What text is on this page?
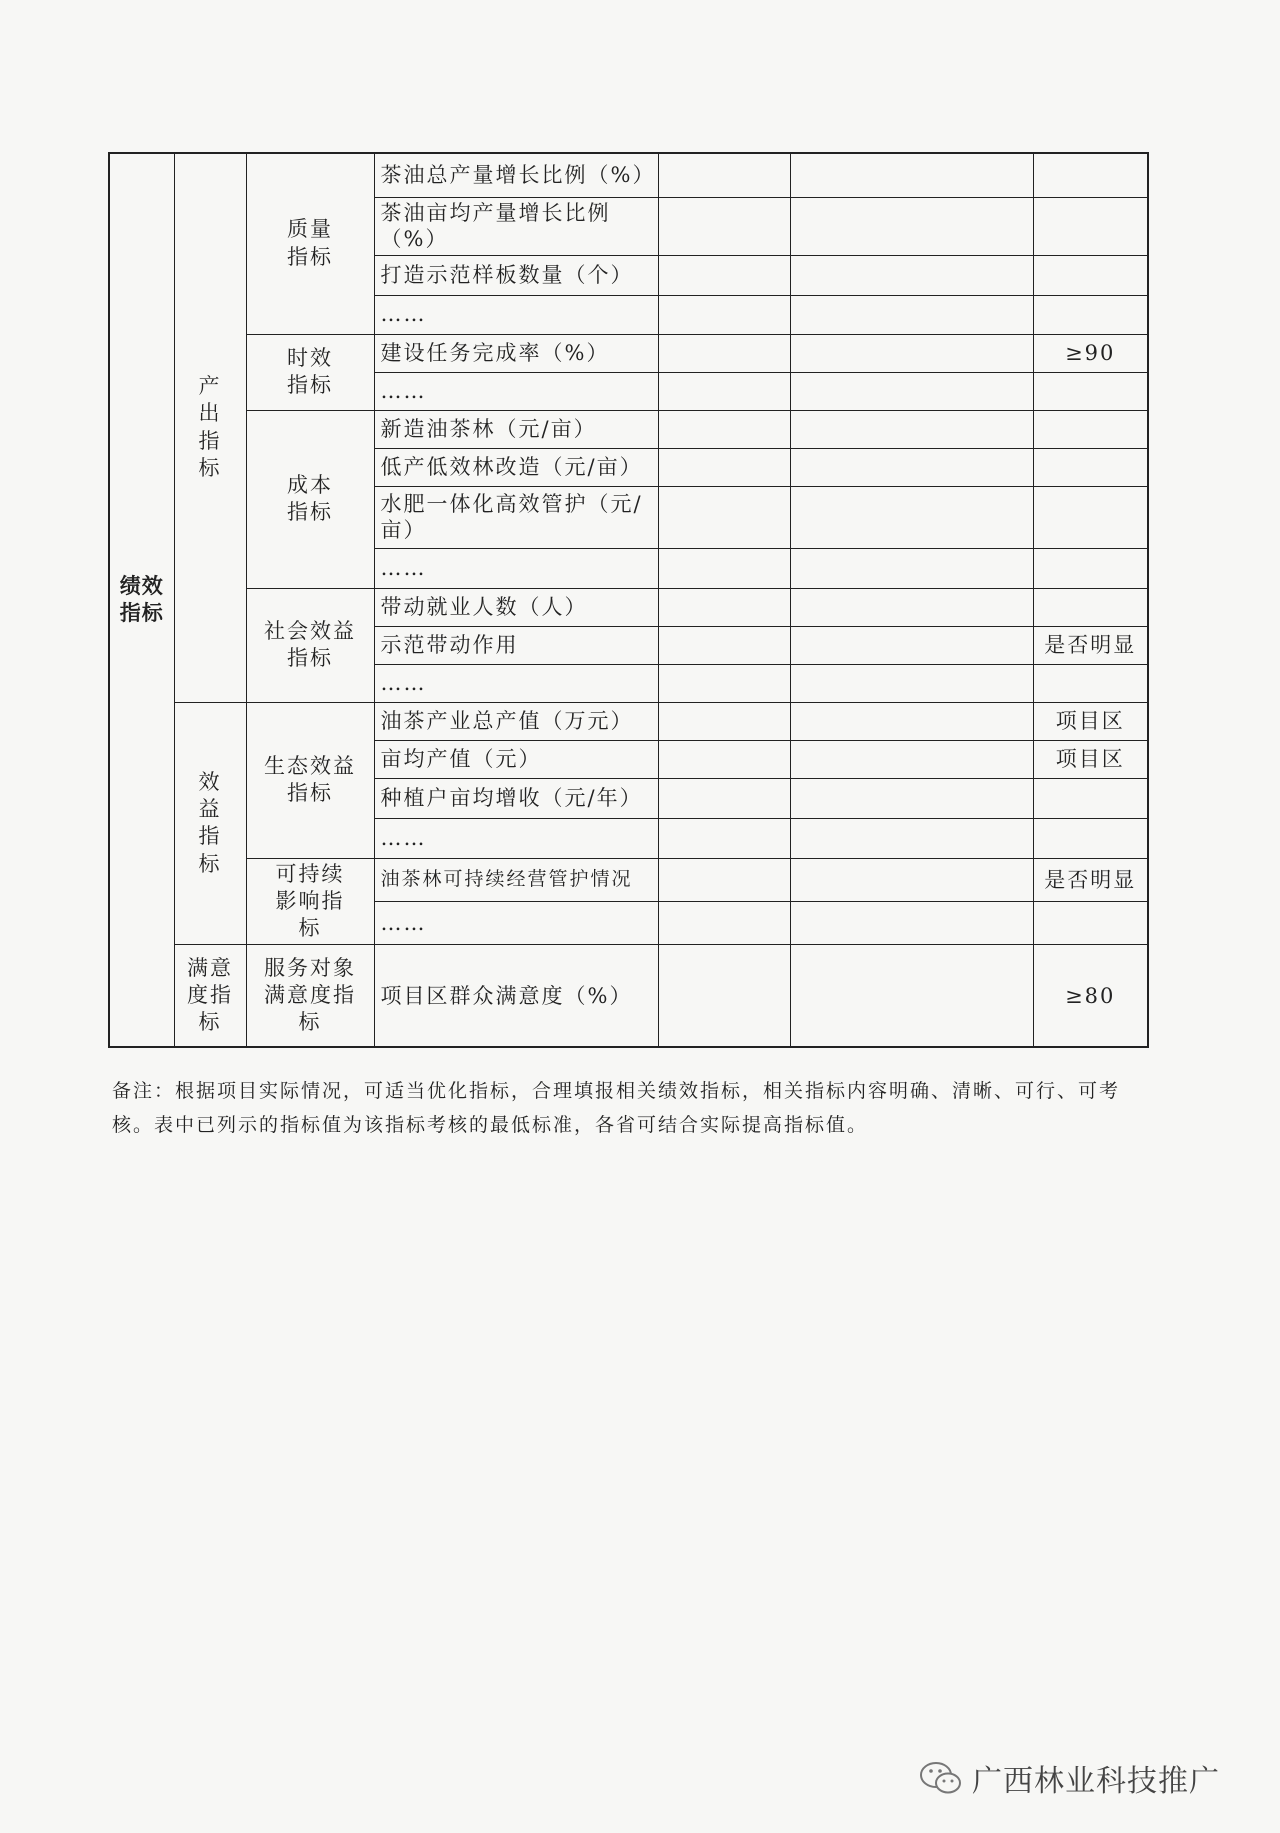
绩效指标	产出指标	质量指标	茶油总产量增长比例（%）			
			茶油亩均产量增长比例（%）			
			打造示范样板数量（个）			
			……			
		时效指标	建设任务完成率（%）			≥90
			……			
		成本指标	新造油茶林（元/亩）			
			低产低效林改造（元/亩）			
			水肥一体化高效管护（元/亩）			
			……			
		社会效益指标	带动就业人数（人）			
			示范带动作用			是否明显
			……			
	效益指标	生态效益指标	油茶产业总产值（万元）			项目区
			亩均产值（元）			项目区
			种植户亩均增收（元/年）			
			……			
		可持续影响指标	油茶林可持续经营管护情况			是否明显
			……			
	满意度指标	服务对象满意度指标	项目区群众满意度（%）			≥80
备注：根据项目实际情况，可适当优化指标，合理填报相关绩效指标，相关指标内容明确、清晰、可行、可考核。表中已列示的指标值为该指标考核的最低标准，各省可结合实际提高指标值。
广西林业科技推广
